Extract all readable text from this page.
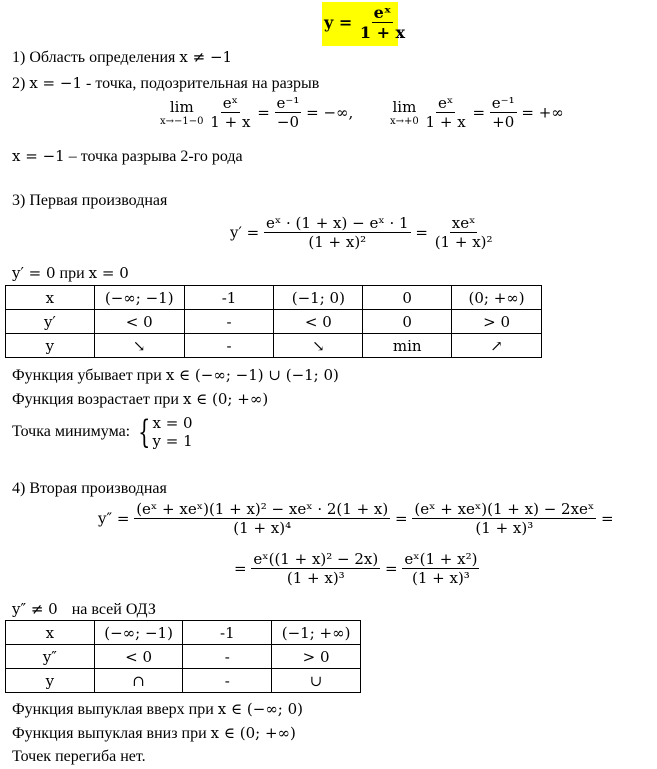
$y = \frac{\text{eˣ}}{1 + x}$
1) Область определения x ≠ −1
2) x = −1 - точка, подозрительная на разрыв
lim
x→−1−0
$\frac{\text{eˣ}}{1 + x} = \frac{\text{e⁻¹}}{-0}$ = −∞,	lim
x→+0
$\frac{\text{eˣ}}{1 + x} = \frac{\text{e⁻¹}}{+0}$ = +∞
x = −1 – точка разрыва 2-го рода
3) Первая производная
$y' = \frac{\text{eˣ · (1 + x) − eˣ · 1}}{\text{(1 + x)²}} = \frac{\text{xeˣ}}{\text{(1 + x)²}}$
y′ = 0 при x = 0
x	(−∞; −1)	-1	(−1; 0)	0	(0; +∞)
y′	< 0	-	< 0	0	> 0
y	↘	-	↘	min	↗
Функция убывает при x ∈ (−∞; −1) ∪ (−1; 0)
Функция возрастает при x ∈ (0; +∞)
Точка минимума: { x = 0
y = 1
4) Вторая производная
$y'' = \frac{\text{(eˣ + xeˣ)(1 + x)² − xeˣ · 2(1 + x)}}{\text{(1 + x)⁴}} = \frac{\text{(eˣ + xeˣ)(1 + x) − 2xeˣ}}{\text{(1 + x)³}}$ =
= $\frac{\text{eˣ((1 + x)² − 2x)}}{\text{(1 + x)³}} = \frac{\text{eˣ(1 + x²)}}{\text{(1 + x)³}}$
y″ ≠ 0 на всей ОДЗ
x	(−∞; −1)	-1	(−1; +∞)
y″	< 0	-	> 0
y	∩	-	∪
Функция выпуклая вверх при x ∈ (−∞; 0)
Функция выпуклая вниз при x ∈ (0; +∞)
Точек перегиба нет.
